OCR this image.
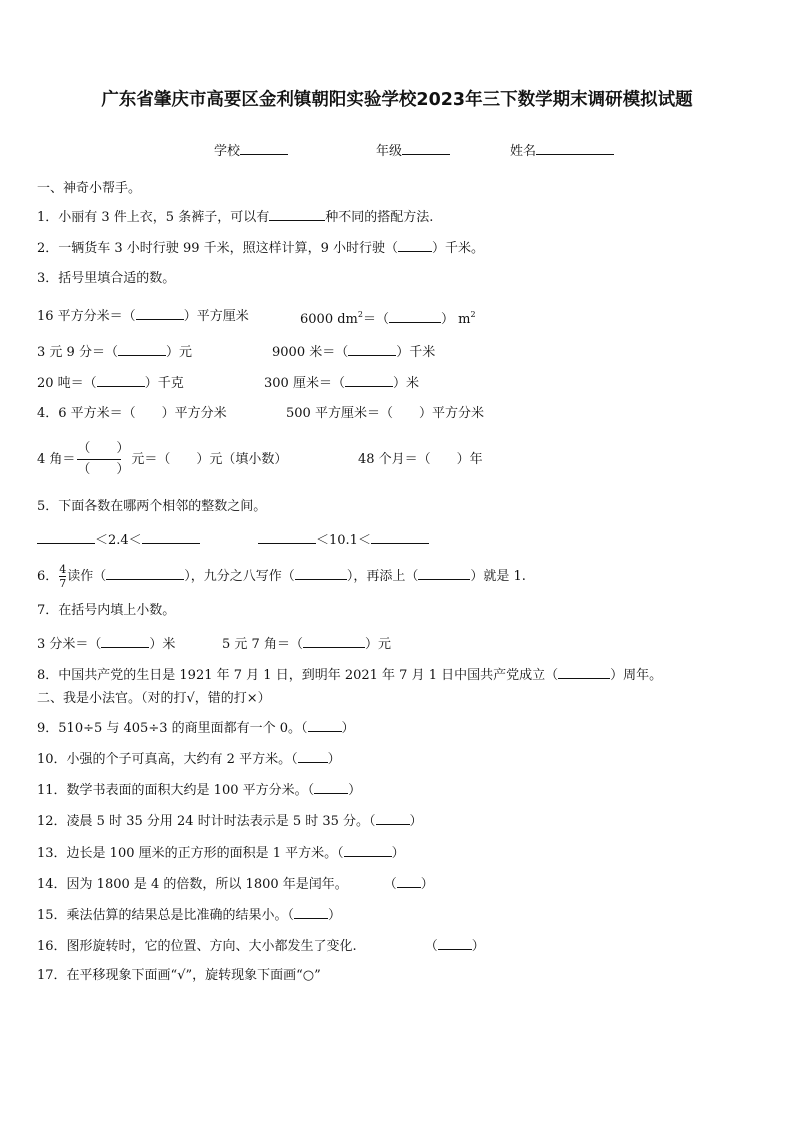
广东省肇庆市高要区金利镇朝阳实验学校2023年三下数学期末调研模拟试题
学校	年级	姓名
一、神奇小帮手。
1．小丽有 3 件上衣，5 条裤子，可以有	种不同的搭配方法.
2．一辆货车 3 小时行驶 99 千米，照这样计算，9 小时行驶（	）千米。
3．括号里填合适的数。
16 平方分米＝（	）平方厘米	6000 $dm^2=$（	） $m^2$
3 元 9 分＝（	）元	9000 米＝（	）千米
20 吨＝（	）千克	300 厘米＝（	）米
4．6 平方米＝（　　）平方分米	500 平方厘米＝（　　）平方分米
4 角＝（　　）
（　　）元＝（　　）元（填小数）	48 个月＝（　　）年
5．下面各数在哪两个相邻的整数之间。
＜2.4＜	＜10.1＜
6．$\frac{4}{7}$读作（	），九分之八写作（	），再添上（	）就是 1.
7．在括号内填上小数。
3 分米＝（	）米	5 元 7 角＝（	）元
8．中国共产党的生日是 1921 年 7 月 1 日，到明年 2021 年 7 月 1 日中国共产党成立（	）周年。
二、我是小法官。（对的打√，错的打×）
9．510÷5 与 405÷3 的商里面都有一个 0。（	）
10．小强的个子可真高，大约有 2 平方米。（ ）
11．数学书表面的面积大约是 100 平方分米。（	）
12．凌晨 5 时 35 分用 24 时计时法表示是 5 时 35 分。（	）
13．边长是 100 厘米的正方形的面积是 1 平方米。（	）
14．因为 1800 是 4 的倍数，所以 1800 年是闰年。	（ ）
15．乘法估算的结果总是比准确的结果小。（	）
16．图形旋转时，它的位置、方向、大小都发生了变化.	（	）
17．在平移现象下面画“√”，旋转现象下面画“○”
